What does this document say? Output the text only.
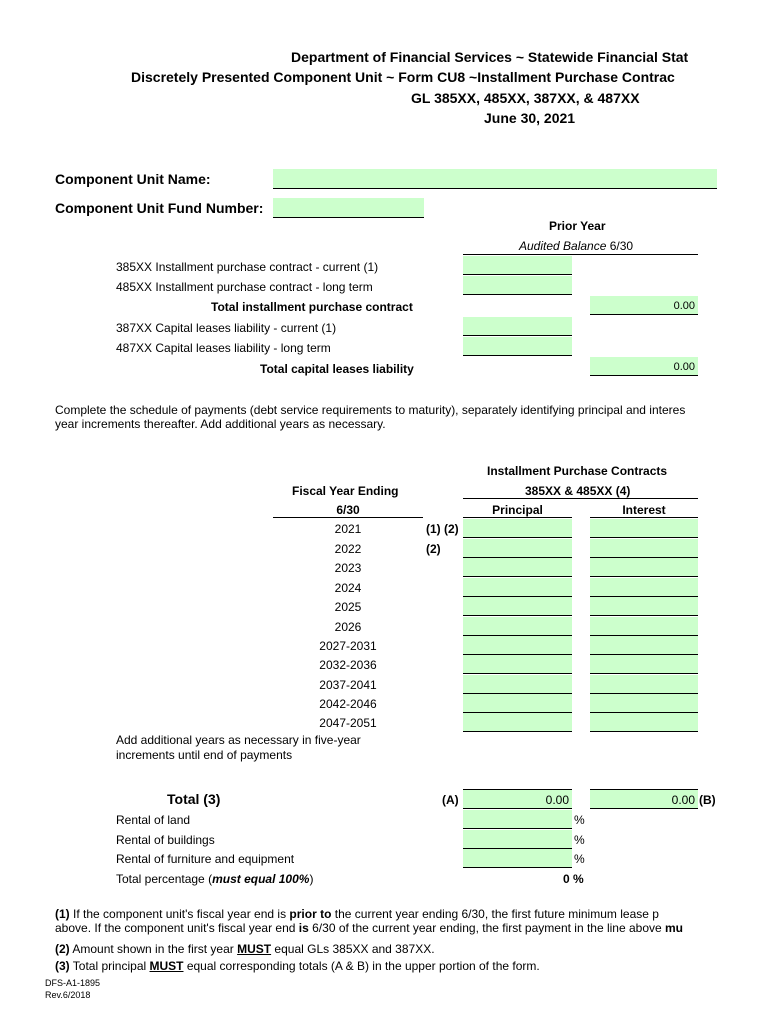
Department of Financial Services ~ Statewide Financial Stat
Discretely Presented Component Unit ~ Form CU8 ~Installment Purchase Contrac
GL 385XX, 485XX, 387XX, & 487XX
June 30, 2021
Component Unit Name:
Component Unit Fund Number:
Prior Year
Audited Balance 6/30
385XX Installment purchase contract - current (1)
485XX Installment purchase contract - long term
Total installment purchase contract	0.00
387XX Capital leases liability - current (1)
487XX Capital leases liability - long term
Total capital leases liability	0.00
Complete the schedule of payments (debt service requirements to maturity), separately identifying principal and interes
year increments thereafter. Add additional years as necessary.
Installment Purchase Contracts
385XX & 485XX (4)
Fiscal Year Ending
6/30	Principal	Interest
2021	(1) (2)
2022	(2)
2023
2024
2025
2026
2027-2031
2032-2036
2037-2041
2042-2046
2047-2051
Add additional years as necessary in five-year
increments until end of payments
Total (3)	(A)	0.00	0.00 (B)
Rental of land	%
Rental of buildings	%
Rental of furniture and equipment	%
Total percentage (must equal 100%)	0 %
(1) If the component unit's fiscal year end is prior to the current year ending 6/30, the first future minimum lease p
above. If the component unit's fiscal year end is 6/30 of the current year ending, the first payment in the line above mu
(2) Amount shown in the first year MUST equal GLs 385XX and 387XX.
(3) Total principal MUST equal corresponding totals (A & B) in the upper portion of the form.
DFS-A1-1895
Rev.6/2018
